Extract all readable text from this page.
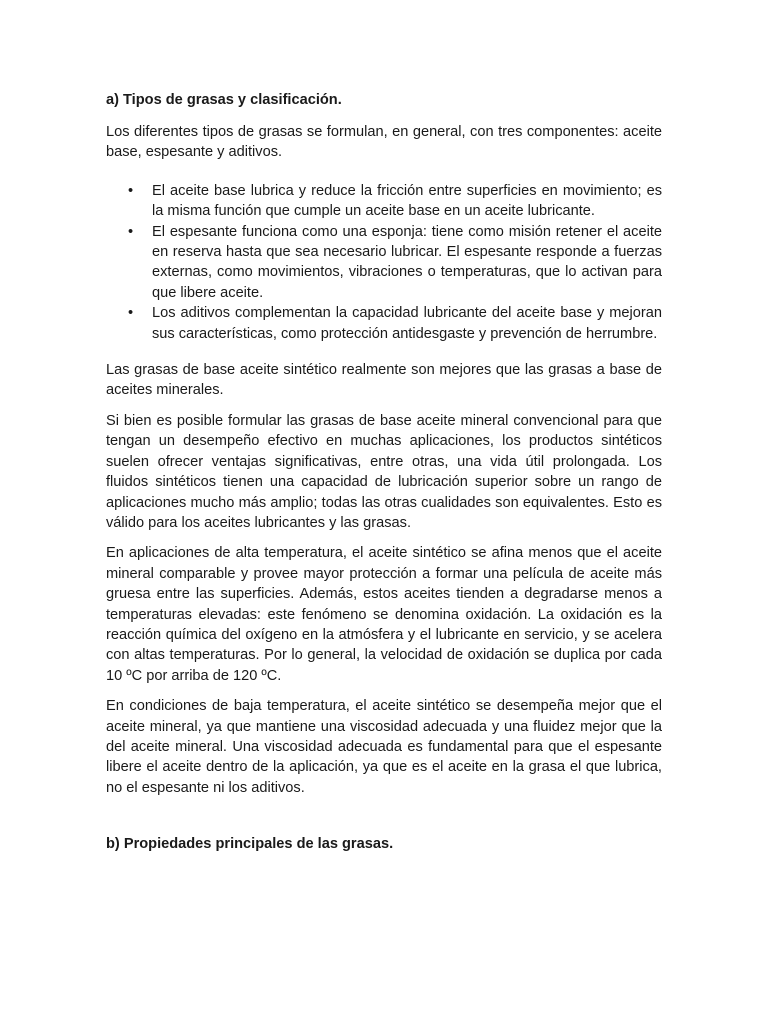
a) Tipos de grasas y clasificación.

Los diferentes tipos de grasas se formulan, en general, con tres componentes: aceite base, espesante y aditivos.

• El aceite base lubrica y reduce la fricción entre superficies en movimiento; es la misma función que cumple un aceite base en un aceite lubricante.
• El espesante funciona como una esponja: tiene como misión retener el aceite en reserva hasta que sea necesario lubricar. El espesante responde a fuerzas externas, como movimientos, vibraciones o temperaturas, que lo activan para que libere aceite.
• Los aditivos complementan la capacidad lubricante del aceite base y mejoran sus características, como protección antidesgaste y prevención de herrumbre.

Las grasas de base aceite sintético realmente son mejores que las grasas a base de aceites minerales.

Si bien es posible formular las grasas de base aceite mineral convencional para que tengan un desempeño efectivo en muchas aplicaciones, los productos sintéticos suelen ofrecer ventajas significativas, entre otras, una vida útil prolongada. Los fluidos sintéticos tienen una capacidad de lubricación superior sobre un rango de aplicaciones mucho más amplio; todas las otras cualidades son equivalentes. Esto es válido para los aceites lubricantes y las grasas.

En aplicaciones de alta temperatura, el aceite sintético se afina menos que el aceite mineral comparable y provee mayor protección a formar una película de aceite más gruesa entre las superficies. Además, estos aceites tienden a degradarse menos a temperaturas elevadas: este fenómeno se denomina oxidación. La oxidación es la reacción química del oxígeno en la atmósfera y el lubricante en servicio, y se acelera con altas temperaturas. Por lo general, la velocidad de oxidación se duplica por cada 10 ºC por arriba de 120 ºC.

En condiciones de baja temperatura, el aceite sintético se desempeña mejor que el aceite mineral, ya que mantiene una viscosidad adecuada y una fluidez mejor que la del aceite mineral. Una viscosidad adecuada es fundamental para que el espesante libere el aceite dentro de la aplicación, ya que es el aceite en la grasa el que lubrica, no el espesante ni los aditivos.

b) Propiedades principales de las grasas.
